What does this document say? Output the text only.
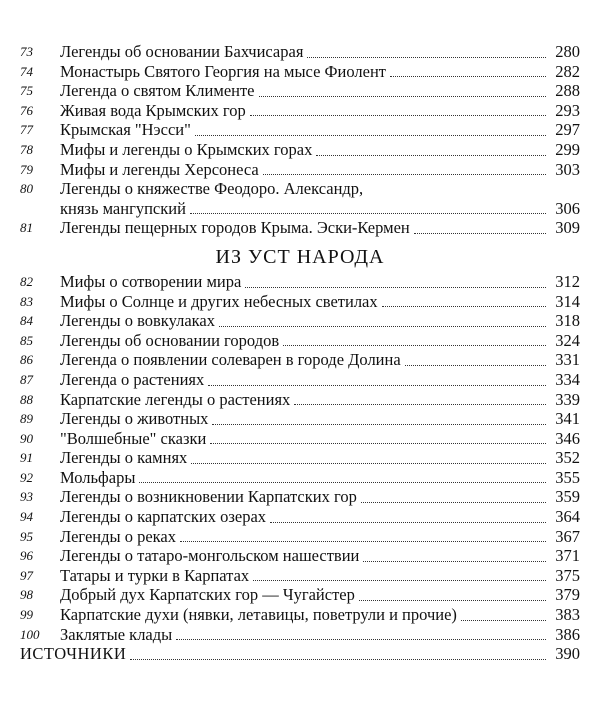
73	Легенды об основании Бахчисарая	280
74	Монастырь Святого Георгия на мысе Фиолент	282
75	Легенда о святом Клименте	288
76	Живая вода Крымских гор	293
77	Крымская "Нэсси"	297
78	Мифы и легенды о Крымских горах	299
79	Мифы и легенды Херсонеса	303
80	Легенды о княжестве Феодоро. Александр,
князь мангупский	306
81	Легенды пещерных городов Крыма. Эски-Кермен	309
ИЗ УСТ НАРОДА
82	Мифы о сотворении мира	312
83	Мифы о Солнце и других небесных светилах	314
84	Легенды о вовкулаках	318
85	Легенды об основании городов	324
86	Легенда о появлении солеварен в городе Долина	331
87	Легенда о растениях	334
88	Карпатские легенды о растениях	339
89	Легенды о животных	341
90	"Волшебные" сказки	346
91	Легенды о камнях	352
92	Мольфары	355
93	Легенды о возникновении Карпатских гор	359
94	Легенды о карпатских озерах	364
95	Легенды о реках	367
96	Легенды о татаро-монгольском нашествии	371
97	Татары и турки в Карпатах	375
98	Добрый дух Карпатских гор — Чугайстер	379
99	Карпатские духи (нявки, летавицы, поветрули и прочие)	383
100	Заклятые клады	386
ИСТОЧНИКИ	390
